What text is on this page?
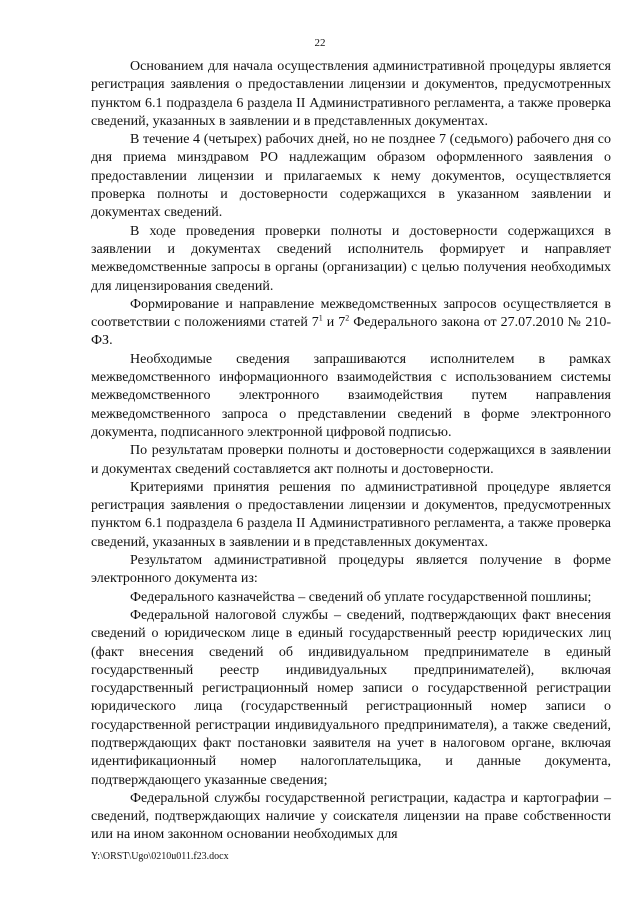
22

Основанием для начала осуществления административной процедуры является регистрация заявления о предоставлении лицензии и документов, предусмотренных пунктом 6.1 подраздела 6 раздела II Административного регламента, а также проверка сведений, указанных в заявлении и в представленных документах.

В течение 4 (четырех) рабочих дней, но не позднее 7 (седьмого) рабочего дня со дня приема минздравом РО надлежащим образом оформленного заявления о предоставлении лицензии и прилагаемых к нему документов, осуществляется проверка полноты и достоверности содержащихся в указанном заявлении и документах сведений.

В ходе проведения проверки полноты и достоверности содержащихся в заявлении и документах сведений исполнитель формирует и направляет межведомственные запросы в органы (организации) с целью получения необходимых для лицензирования сведений.

Формирование и направление межведомственных запросов осуществляется в соответствии с положениями статей $7^1$ и $7^2$ Федерального закона от 27.07.2010 № 210-ФЗ.

Необходимые сведения запрашиваются исполнителем в рамках межведомственного информационного взаимодействия с использованием системы межведомственного электронного взаимодействия путем направления межведомственного запроса о представлении сведений в форме электронного документа, подписанного электронной цифровой подписью.

По результатам проверки полноты и достоверности содержащихся в заявлении и документах сведений составляется акт полноты и достоверности.

Критериями принятия решения по административной процедуре является регистрация заявления о предоставлении лицензии и документов, предусмотренных пунктом 6.1 подраздела 6 раздела II Административного регламента, а также проверка сведений, указанных в заявлении и в представленных документах.

Результатом административной процедуры является получение в форме электронного документа из:

Федерального казначейства – сведений об уплате государственной пошлины;

Федеральной налоговой службы – сведений, подтверждающих факт внесения сведений о юридическом лице в единый государственный реестр юридических лиц (факт внесения сведений об индивидуальном предпринимателе в единый государственный реестр индивидуальных предпринимателей), включая государственный регистрационный номер записи о государственной регистрации юридического лица (государственный регистрационный номер записи о государственной регистрации индивидуального предпринимателя), а также сведений, подтверждающих факт постановки заявителя на учет в налоговом органе, включая идентификационный номер налогоплательщика, и данные документа, подтверждающего указанные сведения;

Федеральной службы государственной регистрации, кадастра и картографии – сведений, подтверждающих наличие у соискателя лицензии на праве собственности или на ином законном основании необходимых для

Y:\ORST\Ugo\0210u011.f23.docx
